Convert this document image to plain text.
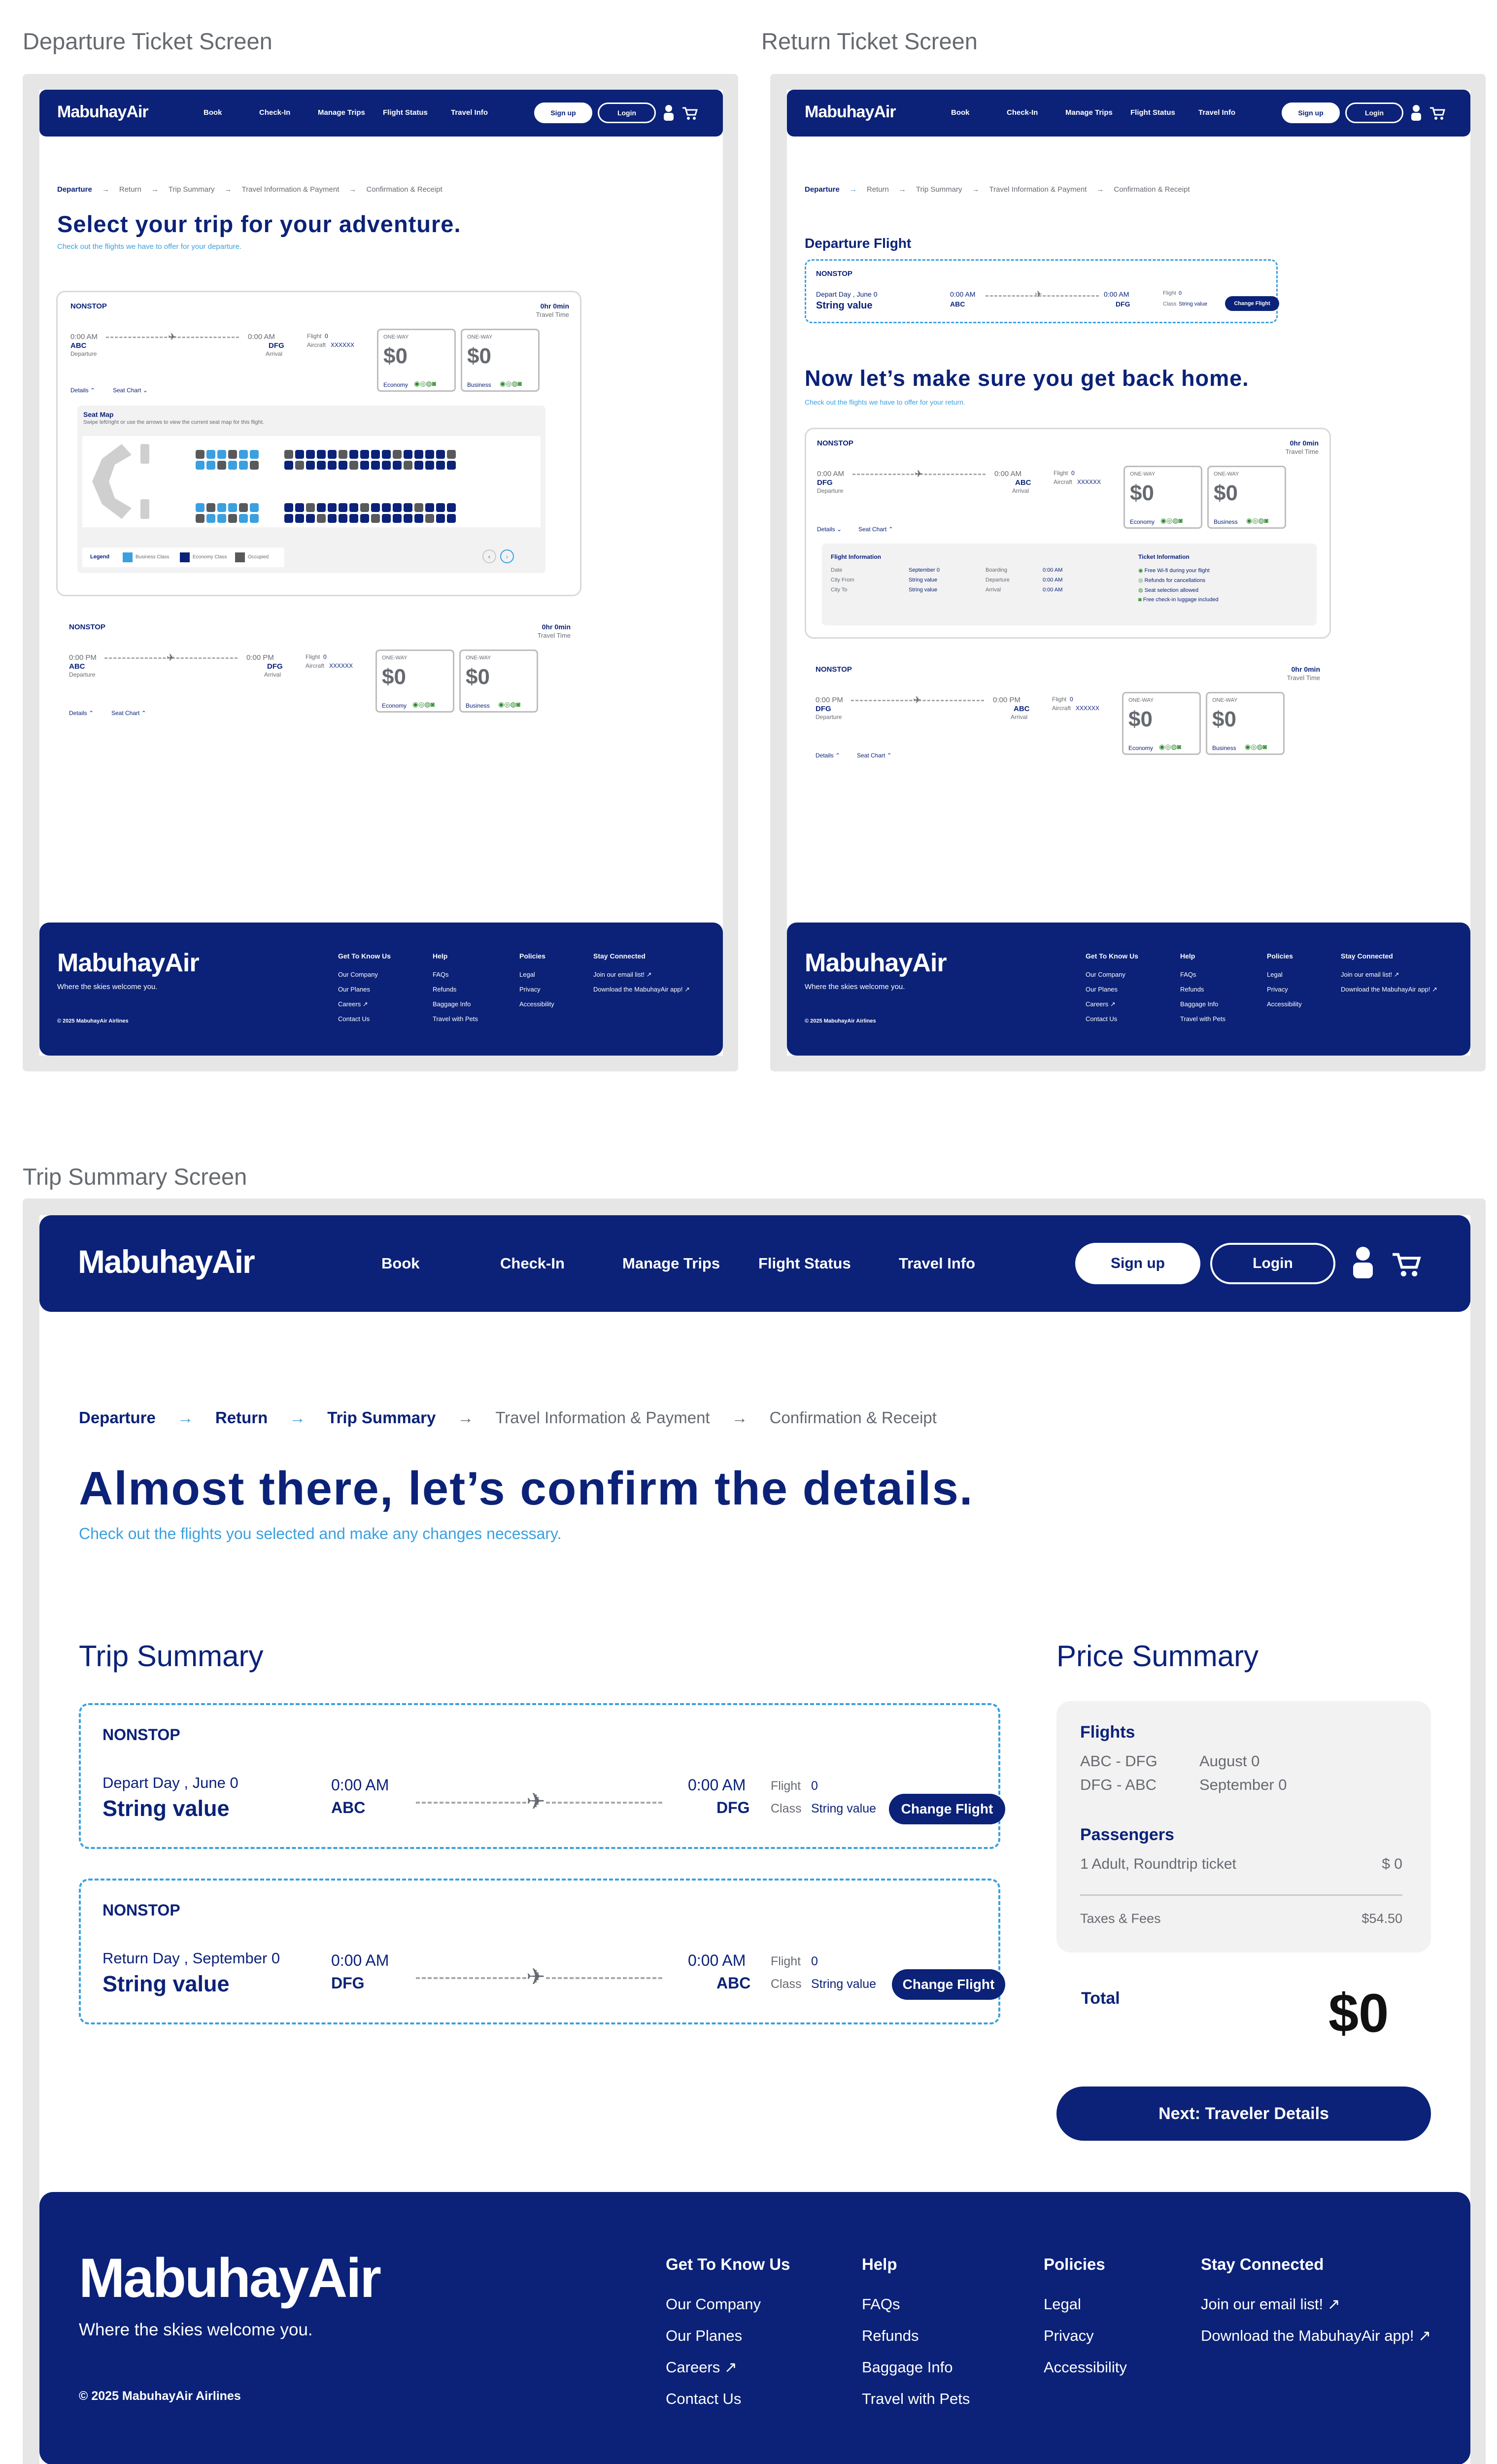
Departure Ticket Screen	Return Ticket Screen
Trip Summary Screen
MabuhayAir	Book	Check-In	Manage Trips Flight Status	Travel Info	Sign up	Login
Departure → Return → Trip Summary → Travel Information & Payment → Confirmation & Receipt
Select your trip for your adventure.
Check out the flights we have to offer for your departure.
NONSTOP	0hr 0min
Travel Time
0:00 AM
ABC
Departure
✈	0:00 AM
DFG
Arrival
Flight 0
Aircraft XXXXXX
ONE-WAY
$0
Economy ◉◎◍◙
ONE-WAY
$0
Business ◉◎◍◙
Details ⌃	Seat Chart ⌄
Seat Map
Swipe left/right or use the arrows to view the current seat map for this flight.
Legend	Business Class	Economy Class	Occupied	‹	›
NONSTOP	0hr 0min
Travel Time
0:00 PM
ABC
Departure
✈	0:00 PM
DFG
Arrival
Flight 0
Aircraft XXXXXX
ONE-WAY
$0
Economy ◉◎◍◙
ONE-WAY
$0
Business ◉◎◍◙
Details ⌃	Seat Chart ⌃
MabuhayAir
Where the skies welcome you.
© 2025 MabuhayAir Airlines
Get To Know Us
Our Company
Our Planes
Careers ↗
Contact Us
Help
FAQs
Refunds
Baggage Info
Travel with Pets
Policies
Legal
Privacy
Accessibility
Stay Connected
Join our email list! ↗
Download the MabuhayAir app! ↗
MabuhayAir	Book	Check-In	Manage Trips Flight Status	Travel Info	Sign up	Login
Departure → Return → Trip Summary → Travel Information & Payment → Confirmation & Receipt
Departure Flight
NONSTOP
Depart Day , June 0
String value
0:00 AM
ABC
✈	0:00 AM
DFG
Flight 0
Class String value	Change Flight
Now let’s make sure you get back home.
Check out the flights we have to offer for your return.
NONSTOP	0hr 0min
Travel Time
0:00 AM
DFG
Departure
✈	0:00 AM
ABC
Arrival
Flight 0
Aircraft XXXXXX
ONE-WAY
$0
Economy ◉◎◍◙
ONE-WAY
$0
Business ◉◎◍◙
Details ⌄	Seat Chart ⌃
Flight Information
Date	September 0
City From	String value
City To	String value
Boarding	0:00 AM
Departure	0:00 AM
Arrival	0:00 AM
Ticket Information
◉ Free Wi-fi during your flight
◎ Refunds for cancellations
◍ Seat selection allowed
◙ Free check-in luggage included
NONSTOP	0hr 0min
Travel Time
0:00 PM
DFG
Departure
✈	0:00 PM
ABC
Arrival
Flight 0
Aircraft XXXXXX
ONE-WAY
$0
Economy ◉◎◍◙
ONE-WAY
$0
Business ◉◎◍◙
Details ⌃	Seat Chart ⌃
MabuhayAir
Where the skies welcome you.
© 2025 MabuhayAir Airlines
Get To Know Us
Our Company
Our Planes
Careers ↗
Contact Us
Help
FAQs
Refunds
Baggage Info
Travel with Pets
Policies
Legal
Privacy
Accessibility
Stay Connected
Join our email list! ↗
Download the MabuhayAir app! ↗
MabuhayAir	Book	Check-In	Manage Trips	Flight Status	Travel Info	Sign up	Login
Departure → Return → Trip Summary → Travel Information & Payment → Confirmation & Receipt
Almost there, let’s confirm the details.
Check out the flights you selected and make any changes necessary.
Trip Summary
NONSTOP
Depart Day , June 0
String value
0:00 AM
ABC	✈
0:00 AM
DFG
Flight 0
Class String value	Change Flight
NONSTOP
Return Day , September 0
String value
0:00 AM
DFG	✈
0:00 AM
ABC
Flight 0
Class String value	Change Flight
Price Summary
Flights
ABC - DFG	August 0
DFG - ABC	September 0
Passengers
1 Adult, Roundtrip ticket	$ 0
Taxes & Fees	$54.50
Total	$0
Next: Traveler Details
MabuhayAir
Where the skies welcome you.
© 2025 MabuhayAir Airlines
Get To Know Us
Our Company
Our Planes
Careers ↗
Contact Us
Help
FAQs
Refunds
Baggage Info
Travel with Pets
Policies
Legal
Privacy
Accessibility
Stay Connected
Join our email list! ↗
Download the MabuhayAir app! ↗
